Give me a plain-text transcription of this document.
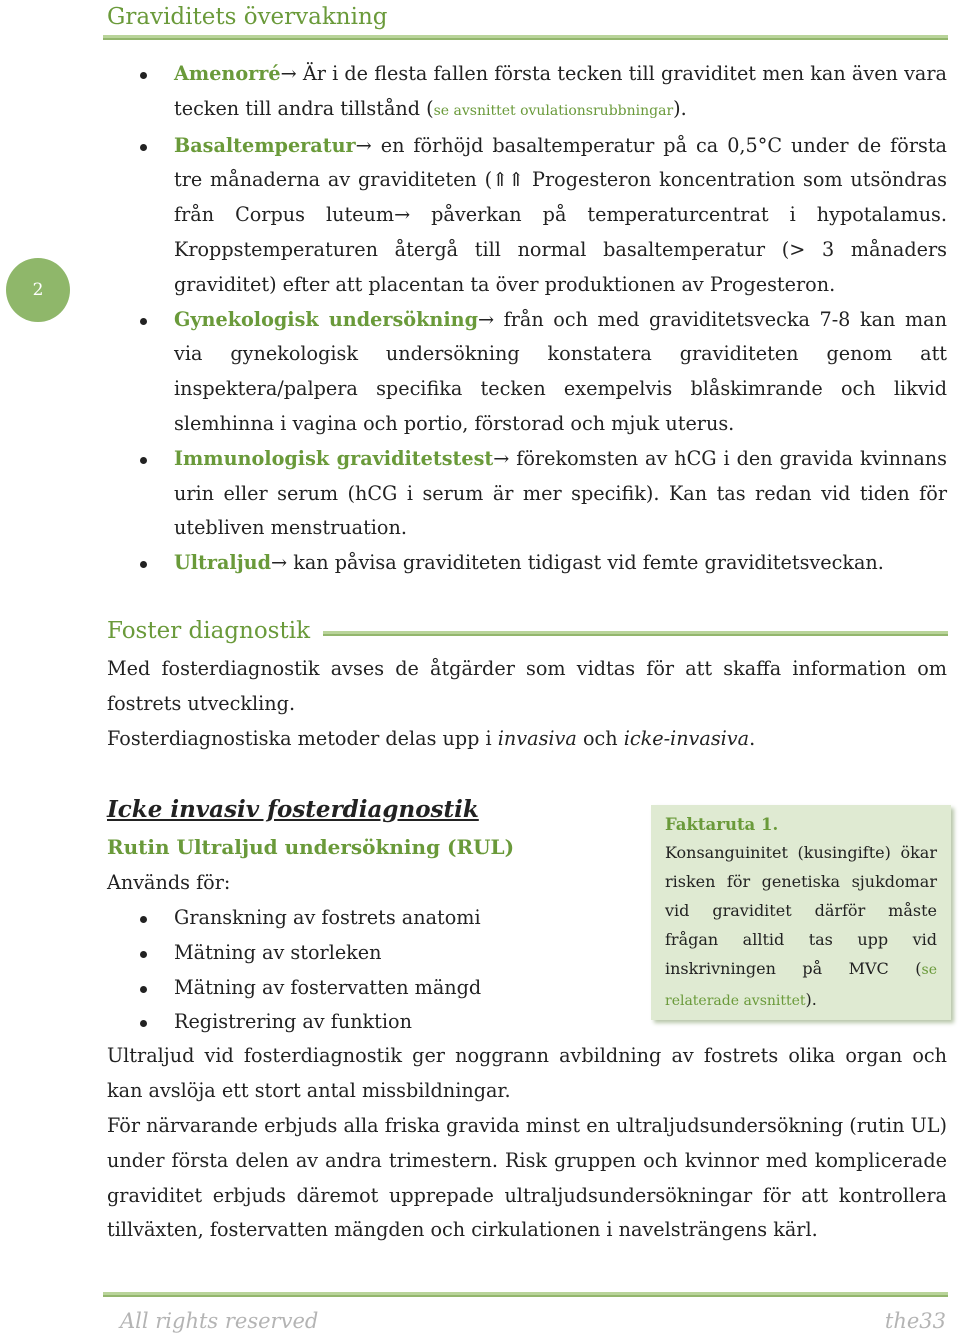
Graviditets övervakning
2
Amenorré→ Är i de flesta fallen första tecken till graviditet men kan även vara tecken till andra tillstånd (se avsnittet ovulationsrubbningar).
Basaltemperatur→ en förhöjd basaltemperatur på ca 0,5°C under de första tre månaderna av graviditeten (⇑⇑ Progesteron koncentration som utsöndras från Corpus luteum→ påverkan på temperaturcentrat i hypotalamus. Kroppstemperaturen återgå till normal basaltemperatur (> 3 månaders graviditet) efter att placentan ta över produktionen av Progesteron.
Gynekologisk undersökning→ från och med graviditetsvecka 7-8 kan man via gynekologisk undersökning konstatera graviditeten genom att inspektera/palpera specifika tecken exempelvis blåskimrande och likvid slemhinna i vagina och portio, förstorad och mjuk uterus.
Immunologisk graviditetstest→ förekomsten av hCG i den gravida kvinnans urin eller serum (hCG i serum är mer specifik). Kan tas redan vid tiden för utebliven menstruation.
Ultraljud→ kan påvisa graviditeten tidigast vid femte graviditetsveckan.
Foster diagnostik

Med fosterdiagnostik avses de åtgärder som vidtas för att skaffa information om fostrets utveckling.

Fosterdiagnostiska metoder delas upp i invasiva och icke-invasiva.

Icke invasiv fosterdiagnostik
Rutin Ultraljud undersökning (RUL)

Används för:

Granskning av fostrets anatomi
Mätning av storleken
Mätning av fostervatten mängd
Registrering av funktion
Faktaruta 1.
Konsanguinitet (kusingifte) ökar risken för genetiska sjukdomar vid graviditet därför måste frågan alltid tas upp vid inskrivningen på MVC (se relaterade avsnittet).

Ultraljud vid fosterdiagnostik ger noggrann avbildning av fostrets olika organ och kan avslöja ett stort antal missbildningar.

För närvarande erbjuds alla friska gravida minst en ultraljudsundersökning (rutin UL) under första delen av andra trimestern. Risk gruppen och kvinnor med komplicerade graviditet erbjuds däremot upprepade ultraljudsundersökningar för att kontrollera tillväxten, fostervatten mängden och cirkulationen i navelsträngens kärl.

All rights reserved	the33
